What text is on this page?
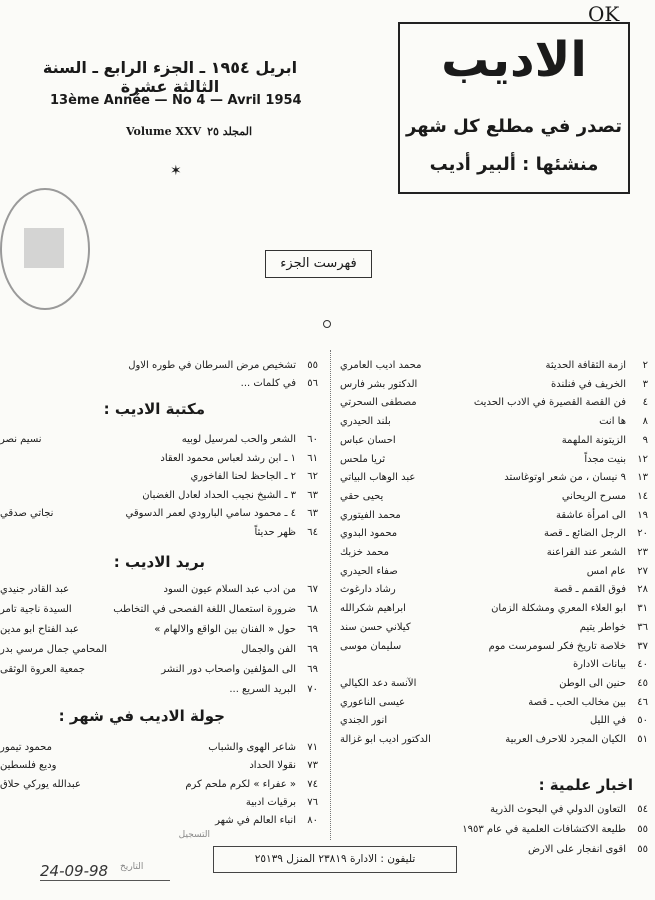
OK
الاديب
تصدر في مطلع كل شهر
منشئها : ألبير أديب
ابريل ١٩٥٤ ـ الجزء الرابع ـ السنة الثالثة عشرة
13ème Année — No 4 — Avril 1954
Volume XXV المجلد ٢٥
✶
فهرست الجزء
٢
ازمة الثقافة الحديثة
محمد اديب العامري
٣
الخريف في فنلندة
الدكتور بشر فارس
٤
فن القصة القصيرة في الادب الحديث
مصطفى السحرتي
٨
ها انت
بلند الحيدري
٩
الزيتونة الملهمة
احسان عباس
١٢
بنيت مجداً
ثريا ملحس
١٣
٩ نيسان ، من شعر اوتوغاستد
عبد الوهاب البياتي
١٤
مسرح الريحاني
يحيى حقي
١٩
الى امرأة عاشقة
محمد الفيتوري
٢٠
الرجل الضائع ـ قصة
محمود البدوي
٢٣
الشعر عند الفراعنة
محمد خزبك
٢٧
عام امس
صفاء الحيدري
٢٨
فوق القمم ـ قصة
رشاد دارغوث
٣١
ابو العلاء المعري ومشكلة الزمان
ابراهيم شكرالله
٣٦
خواطر يتيم
كيلاني حسن سند
٣٧
خلاصة تاريخ فكر لسومرست موم
سليمان موسى
٤٠
بيانات الادارة
٤٥
حنين الى الوطن
الآنسة دعد الكيالي
٤٦
بين مخالب الحب ـ قصة
عيسى الناعوري
٥٠
في الليل
انور الجندي
٥١
الكيان المجرد للاحرف العربية
الدكتور اديب ابو غزالة
اخبار علمية :
٥٤
التعاون الدولي في البحوث الذرية
٥٥
طليعة الاكتشافات العلمية في عام ١٩٥٣
٥٥
اقوى انفجار على الارض
٥٥
تشخيص مرض السرطان في طوره الاول
٥٦
في كلمات ...
مكتبة الاديب :
٦٠
الشعر والحب لمرسيل لوبيه
نسيم نصر
٦١
١ ـ ابن رشد لعباس محمود العقاد
٦٢
٢ ـ الجاحظ لحنا الفاخوري
٦٣
٣ ـ الشيخ نجيب الحداد لعادل الغضبان
٦٣
٤ ـ محمود سامي البارودي لعمر الدسوقي
نجاتي صدقي
٦٤
ظهر حديثاً
بريد الاديب :
٦٧
من ادب عبد السلام عيون السود
عبد القادر جنيدي
٦٨
ضرورة استعمال اللغة الفصحى في التخاطب
السيدة ناجية تامر
٦٩
حول « الفنان بين الواقع والالهام »
عبد الفتاح ابو مدين
٦٩
الفن والجمال
المحامي جمال مرسي بدر
٦٩
الى المؤلفين واصحاب دور النشر
جمعية العروة الوثقى
٧٠
البريد السريع ...
جولة الاديب في شهر :
٧١
شاعر الهوى والشباب
محمود تيمور
٧٣
نقولا الحداد
وديع فلسطين
٧٤
« عفراء » لكرم ملحم كرم
عبدالله يوركي حلاق
٧٦
برقيات ادبية
٨٠
انباء العالم في شهر
تليفون : الادارة ٢٣٨١٩ المنزل ٢٥١٣٩
التسجيل
التاريخ
24-09-98
